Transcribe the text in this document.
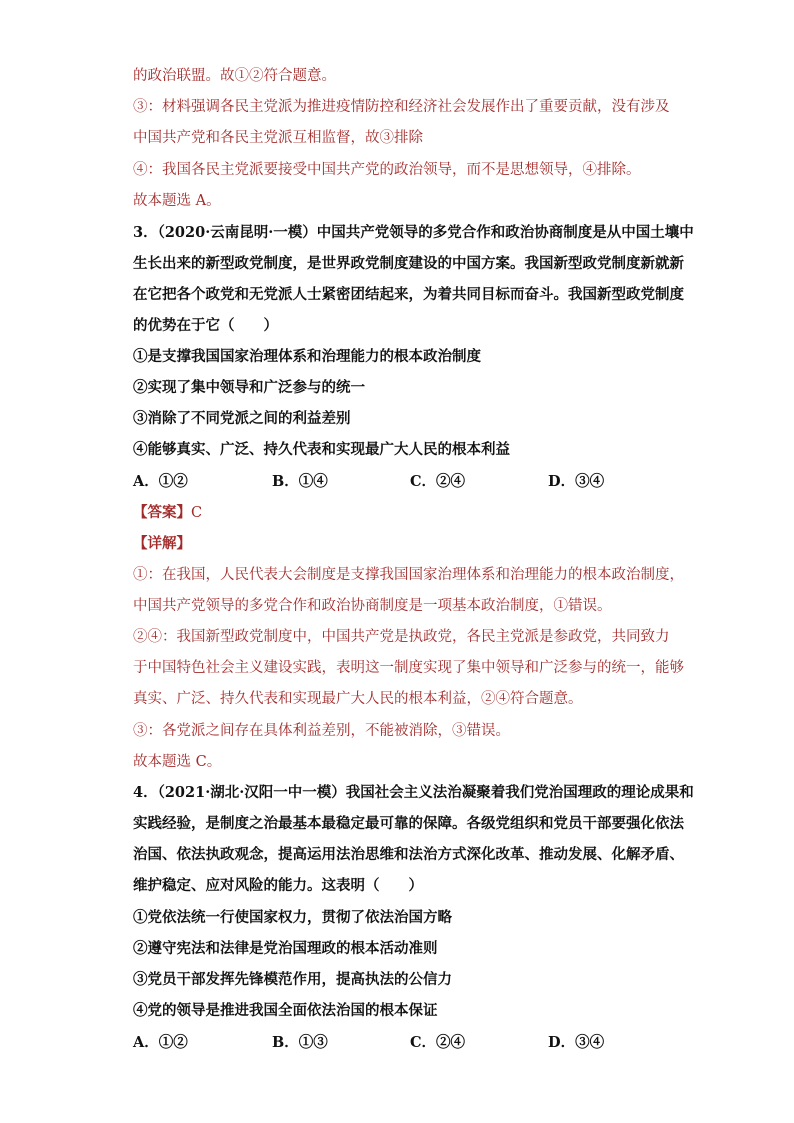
的政治联盟。故①②符合题意。
③：材料强调各民主党派为推进疫情防控和经济社会发展作出了重要贡献，没有涉及
中国共产党和各民主党派互相监督，故③排除
④：我国各民主党派要接受中国共产党的政治领导，而不是思想领导，④排除。
故本题选 A。
3．（2020·云南昆明·一模）中国共产党领导的多党合作和政治协商制度是从中国土壤中
生长出来的新型政党制度，是世界政党制度建设的中国方案。我国新型政党制度新就新
在它把各个政党和无党派人士紧密团结起来，为着共同目标而奋斗。我国新型政党制度
的优势在于它（　　）
①是支撑我国国家治理体系和治理能力的根本政治制度
②实现了集中领导和广泛参与的统一
③消除了不同党派之间的利益差别
④能够真实、广泛、持久代表和实现最广大人民的根本利益
A．①②	B．①④	C．②④	D．③④
【答案】C
【详解】
①：在我国，人民代表大会制度是支撑我国国家治理体系和治理能力的根本政治制度，
中国共产党领导的多党合作和政治协商制度是一项基本政治制度，①错误。
②④：我国新型政党制度中，中国共产党是执政党，各民主党派是参政党，共同致力
于中国特色社会主义建设实践，表明这一制度实现了集中领导和广泛参与的统一，能够
真实、广泛、持久代表和实现最广大人民的根本利益，②④符合题意。
③：各党派之间存在具体利益差别，不能被消除，③错误。
故本题选 C。
4．（2021·湖北·汉阳一中一模）我国社会主义法治凝聚着我们党治国理政的理论成果和
实践经验，是制度之治最基本最稳定最可靠的保障。各级党组织和党员干部要强化依法
治国、依法执政观念，提高运用法治思维和法治方式深化改革、推动发展、化解矛盾、
维护稳定、应对风险的能力。这表明（　　）
①党依法统一行使国家权力，贯彻了依法治国方略
②遵守宪法和法律是党治国理政的根本活动准则
③党员干部发挥先锋模范作用，提高执法的公信力
④党的领导是推进我国全面依法治国的根本保证
A．①②	B．①③	C．②④	D．③④
